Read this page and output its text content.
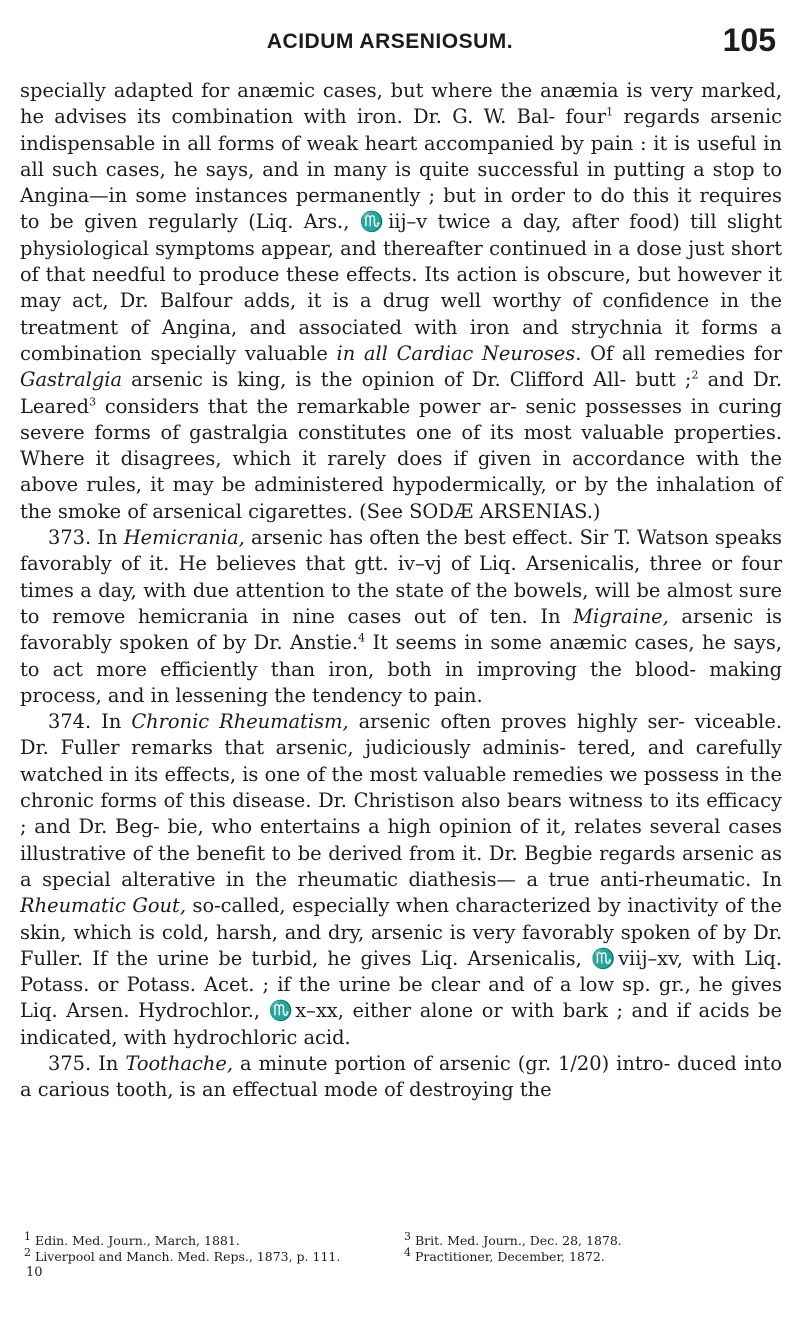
ACIDUM ARSENIOSUM.	105

specially adapted for anæmic cases, but where the anæmia is very marked, he advises its combination with iron. Dr. G. W. Bal- four$^1$ regards arsenic indispensable in all forms of weak heart accompanied by pain : it is useful in all such cases, he says, and in many is quite successful in putting a stop to Angina—in some instances permanently ; but in order to do this it requires to be given regularly (Liq. Ars., ♏iij–v twice a day, after food) till slight physiological symptoms appear, and thereafter continued in a dose just short of that needful to produce these effects. Its action is obscure, but however it may act, Dr. Balfour adds, it is a drug well worthy of confidence in the treatment of Angina, and associated with iron and strychnia it forms a combination specially valuable in all Cardiac Neuroses. Of all remedies for Gastralgia arsenic is king, is the opinion of Dr. Clifford All- butt ;$^2$ and Dr. Leared$^3$ considers that the remarkable power ar- senic possesses in curing severe forms of gastralgia constitutes one of its most valuable properties. Where it disagrees, which it rarely does if given in accordance with the above rules, it may be administered hypodermically, or by the inhalation of the smoke of arsenical cigarettes. (See SODÆ ARSENIAS.)

373. In Hemicrania, arsenic has often the best effect. Sir T. Watson speaks favorably of it. He believes that gtt. iv–vj of Liq. Arsenicalis, three or four times a day, with due attention to the state of the bowels, will be almost sure to remove hemicrania in nine cases out of ten. In Migraine, arsenic is favorably spoken of by Dr. Anstie.$^4$ It seems in some anæmic cases, he says, to act more efficiently than iron, both in improving the blood- making process, and in lessening the tendency to pain.

374. In Chronic Rheumatism, arsenic often proves highly ser- viceable. Dr. Fuller remarks that arsenic, judiciously adminis- tered, and carefully watched in its effects, is one of the most valuable remedies we possess in the chronic forms of this disease. Dr. Christison also bears witness to its efficacy ; and Dr. Beg- bie, who entertains a high opinion of it, relates several cases illustrative of the benefit to be derived from it. Dr. Begbie regards arsenic as a special alterative in the rheumatic diathesis— a true anti-rheumatic. In Rheumatic Gout, so-called, especially when characterized by inactivity of the skin, which is cold, harsh, and dry, arsenic is very favorably spoken of by Dr. Fuller. If the urine be turbid, he gives Liq. Arsenicalis, ♏viij–xv, with Liq. Potass. or Potass. Acet. ; if the urine be clear and of a low sp. gr., he gives Liq. Arsen. Hydrochlor., ♏x–xx, either alone or with bark ; and if acids be indicated, with hydrochloric acid.

375. In Toothache, a minute portion of arsenic (gr. 1/20) intro- duced into a carious tooth, is an effectual mode of destroying the

$^1$ Edin. Med. Journ., March, 1881.	$^3$ Brit. Med. Journ., Dec. 28, 1878.
$^2$ Liverpool and Manch. Med. Reps., 1873, p. 111.	$^4$ Practitioner, December, 1872.
10
